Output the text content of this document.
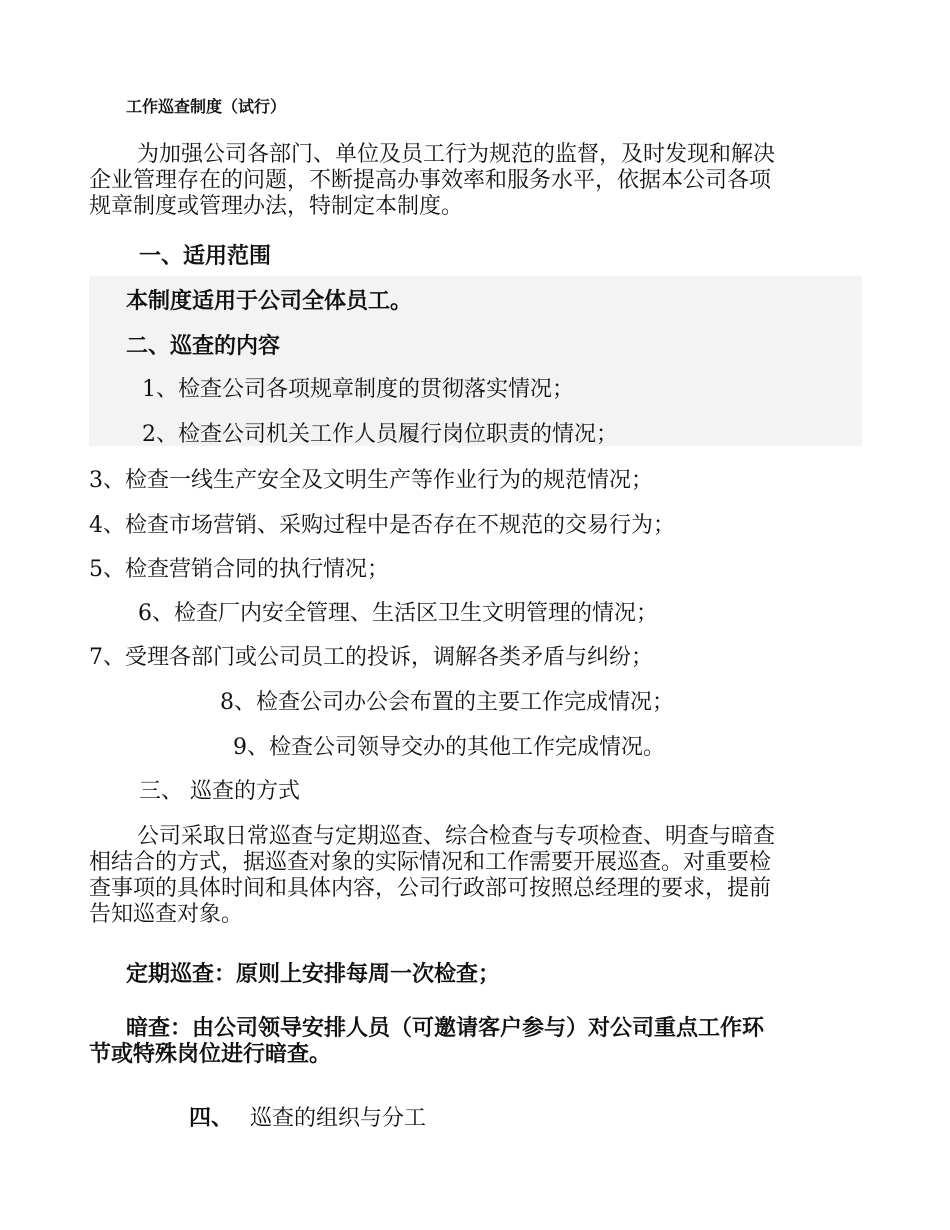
工作巡查制度（试行）
为加强公司各部门、单位及员工行为规范的监督，及时发现和解决
企业管理存在的问题，不断提高办事效率和服务水平，依据本公司各项
规章制度或管理办法，特制定本制度。
一、适用范围
本制度适用于公司全体员工。
二、巡查的内容
1、检查公司各项规章制度的贯彻落实情况；
2、检查公司机关工作人员履行岗位职责的情况；
3、检查一线生产安全及文明生产等作业行为的规范情况；
4、检查市场营销、采购过程中是否存在不规范的交易行为；
5、检查营销合同的执行情况；
6、检查厂内安全管理、生活区卫生文明管理的情况；
7、受理各部门或公司员工的投诉，调解各类矛盾与纠纷；
8、检查公司办公会布置的主要工作完成情况；
9、检查公司领导交办的其他工作完成情况。
三、 巡查的方式
公司采取日常巡查与定期巡查、综合检查与专项检查、明查与暗查
相结合的方式，据巡查对象的实际情况和工作需要开展巡查。对重要检
查事项的具体时间和具体内容，公司行政部可按照总经理的要求，提前
告知巡查对象。
定期巡查：原则上安排每周一次检查；
暗查：由公司领导安排人员（可邀请客户参与）对公司重点工作环
节或特殊岗位进行暗查。
四、 巡查的组织与分工
